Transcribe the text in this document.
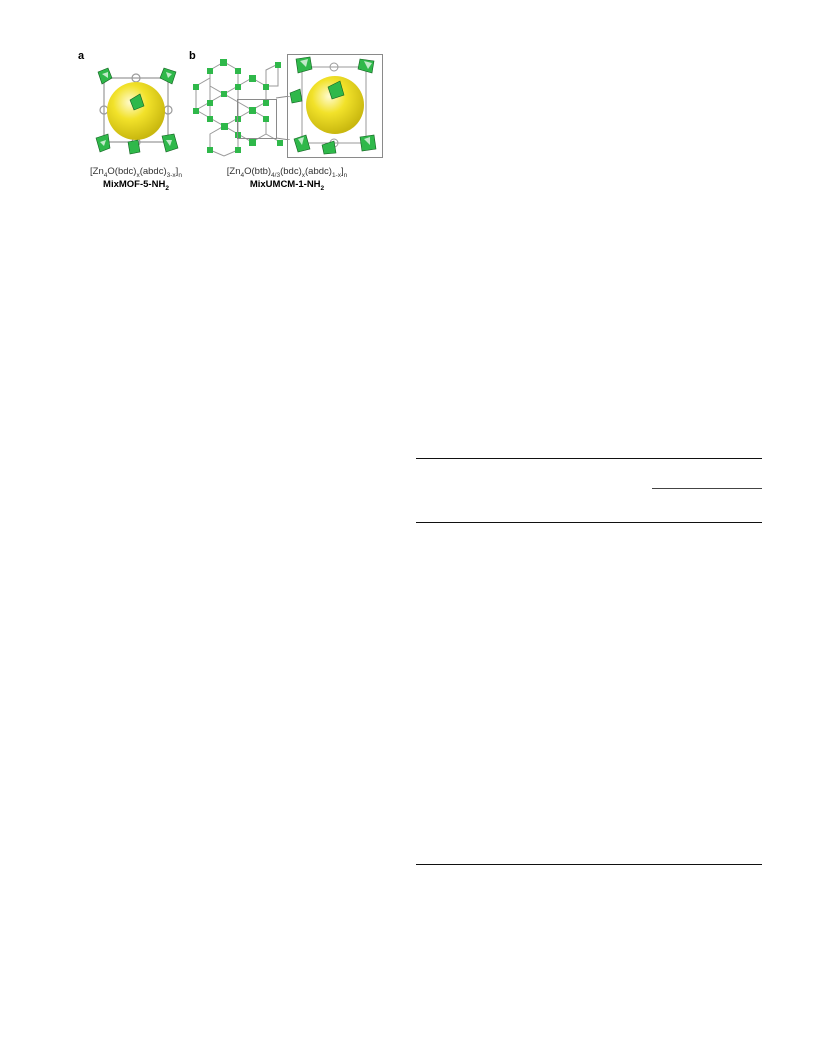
a
$[Zn_4O(bdc)_x(abdc)_{3-x}]_n$
MixMOF-$5-NH_2$
b
$[Zn_4O(btb)_{4/3}(bdc)_x(abdc)_{1-x}]_n$
MixUMCM-$1-NH_2$
